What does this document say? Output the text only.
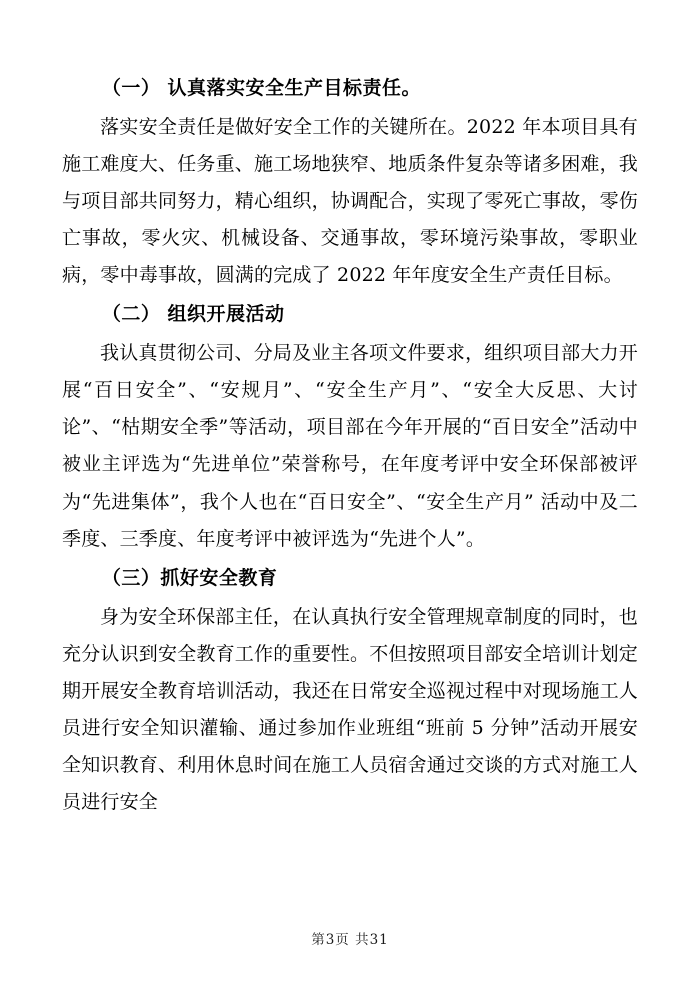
（一） 认真落实安全生产目标责任。

落实安全责任是做好安全工作的关键所在。2022 年本项目具有施工难度大、任务重、施工场地狭窄、地质条件复杂等诸多困难，我与项目部共同努力，精心组织，协调配合，实现了零死亡事故，零伤亡事故，零火灾、机械设备、交通事故，零环境污染事故，零职业病，零中毒事故，圆满的完成了 2022 年年度安全生产责任目标。

（二） 组织开展活动

我认真贯彻公司、分局及业主各项文件要求，组织项目部大力开展“百日安全”、“安规月”、“安全生产月”、“安全大反思、大讨论”、“枯期安全季”等活动，项目部在今年开展的“百日安全”活动中被业主评选为“先进单位”荣誉称号，在年度考评中安全环保部被评为“先进集体”，我个人也在“百日安全”、“安全生产月” 活动中及二季度、三季度、年度考评中被评选为“先进个人”。

（三）抓好安全教育

身为安全环保部主任，在认真执行安全管理规章制度的同时，也充分认识到安全教育工作的重要性。不但按照项目部安全培训计划定期开展安全教育培训活动，我还在日常安全巡视过程中对现场施工人员进行安全知识灌输、通过参加作业班组“班前 5 分钟”活动开展安全知识教育、利用休息时间在施工人员宿舍通过交谈的方式对施工人员进行安全

第3页 共31
